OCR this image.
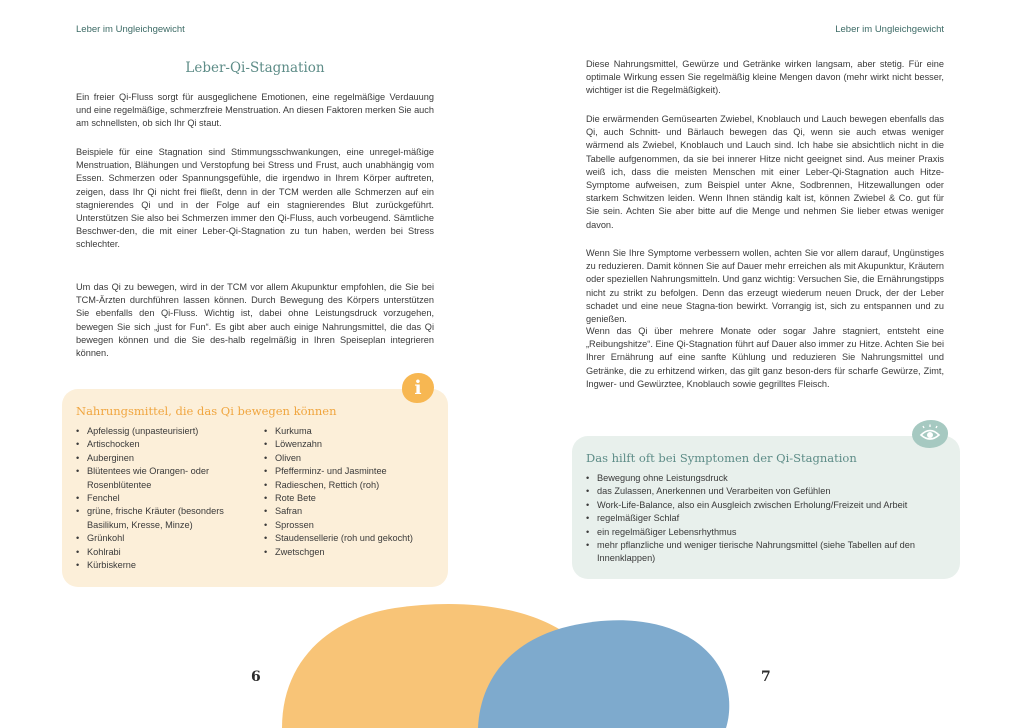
Leber im Ungleichgewicht	Leber im Ungleichgewicht
Leber-Qi-Stagnation

Ein freier Qi-Fluss sorgt für ausgeglichene Emotionen, eine regelmäßige Verdauung und eine regelmäßige, schmerzfreie Menstruation. An diesen Faktoren merken Sie auch am schnellsten, ob sich Ihr Qi staut.

Beispiele für eine Stagnation sind Stimmungsschwankungen, eine unregel-mäßige Menstruation, Blähungen und Verstopfung bei Stress und Frust, auch unabhängig vom Essen. Schmerzen oder Spannungsgefühle, die irgendwo in Ihrem Körper auftreten, zeigen, dass Ihr Qi nicht frei fließt, denn in der TCM werden alle Schmerzen auf ein stagnierendes Qi und in der Folge auf ein stagnierendes Blut zurückgeführt. Unterstützen Sie also bei Schmerzen immer den Qi-Fluss, auch vorbeugend. Sämtliche Beschwer-den, die mit einer Leber-Qi-Stagnation zu tun haben, werden bei Stress schlechter.

Um das Qi zu bewegen, wird in der TCM vor allem Akupunktur empfohlen, die Sie bei TCM-Ärzten durchführen lassen können. Durch Bewegung des Körpers unterstützen Sie ebenfalls den Qi-Fluss. Wichtig ist, dabei ohne Leistungsdruck vorzugehen, bewegen Sie sich „just for Fun“. Es gibt aber auch einige Nahrungsmittel, die das Qi bewegen können und die Sie des-halb regelmäßig in Ihren Speiseplan integrieren können.

i
Nahrungsmittel, die das Qi bewegen können
• Apfelessig (unpasteurisiert)
• Artischocken
• Auberginen
• Blütentees wie Orangen- oder Rosenblütentee
• Fenchel
• grüne, frische Kräuter (besonders Basilikum, Kresse, Minze)
• Grünkohl
• Kohlrabi
• Kürbiskerne
• Kurkuma
• Löwenzahn
• Oliven
• Pfefferminz- und Jasmintee
• Radieschen, Rettich (roh)
• Rote Bete
• Safran
• Sprossen
• Staudensellerie (roh und gekocht)
• Zwetschgen

Diese Nahrungsmittel, Gewürze und Getränke wirken langsam, aber stetig. Für eine optimale Wirkung essen Sie regelmäßig kleine Mengen davon (mehr wirkt nicht besser, wichtiger ist die Regelmäßigkeit).

Die erwärmenden Gemüsearten Zwiebel, Knoblauch und Lauch bewegen ebenfalls das Qi, auch Schnitt- und Bärlauch bewegen das Qi, wenn sie auch etwas weniger wärmend als Zwiebel, Knoblauch und Lauch sind. Ich habe sie absichtlich nicht in die Tabelle aufgenommen, da sie bei innerer Hitze nicht geeignet sind. Aus meiner Praxis weiß ich, dass die meisten Menschen mit einer Leber-Qi-Stagnation auch Hitze-Symptome aufweisen, zum Beispiel unter Akne, Sodbrennen, Hitzewallungen oder starkem Schwitzen leiden. Wenn Ihnen ständig kalt ist, können Zwiebel & Co. gut für Sie sein. Achten Sie aber bitte auf die Menge und nehmen Sie lieber etwas weniger davon.

Wenn Sie Ihre Symptome verbessern wollen, achten Sie vor allem darauf, Ungünstiges zu reduzieren. Damit können Sie auf Dauer mehr erreichen als mit Akupunktur, Kräutern oder speziellen Nahrungsmitteln. Und ganz wichtig: Versuchen Sie, die Ernährungstipps nicht zu strikt zu befolgen. Denn das erzeugt wiederum neuen Druck, der der Leber schadet und eine neue Stagna-tion bewirkt. Vorrangig ist, sich zu entspannen und zu genießen.

Wenn das Qi über mehrere Monate oder sogar Jahre stagniert, entsteht eine „Reibungshitze“. Eine Qi-Stagnation führt auf Dauer also immer zu Hitze. Achten Sie bei Ihrer Ernährung auf eine sanfte Kühlung und reduzieren Sie Nahrungsmittel und Getränke, die zu erhitzend wirken, das gilt ganz beson-ders für scharfe Gewürze, Zimt, Ingwer- und Gewürztee, Knoblauch sowie gegrilltes Fleisch.

Das hilft oft bei Symptomen der Qi-Stagnation
• Bewegung ohne Leistungsdruck
• das Zulassen, Anerkennen und Verarbeiten von Gefühlen
• Work-Life-Balance, also ein Ausgleich zwischen Erholung/Freizeit und Arbeit
• regelmäßiger Schlaf
• ein regelmäßiger Lebensrhythmus
• mehr pflanzliche und weniger tierische Nahrungsmittel (siehe Tabellen auf den Innenklappen)
6	7
